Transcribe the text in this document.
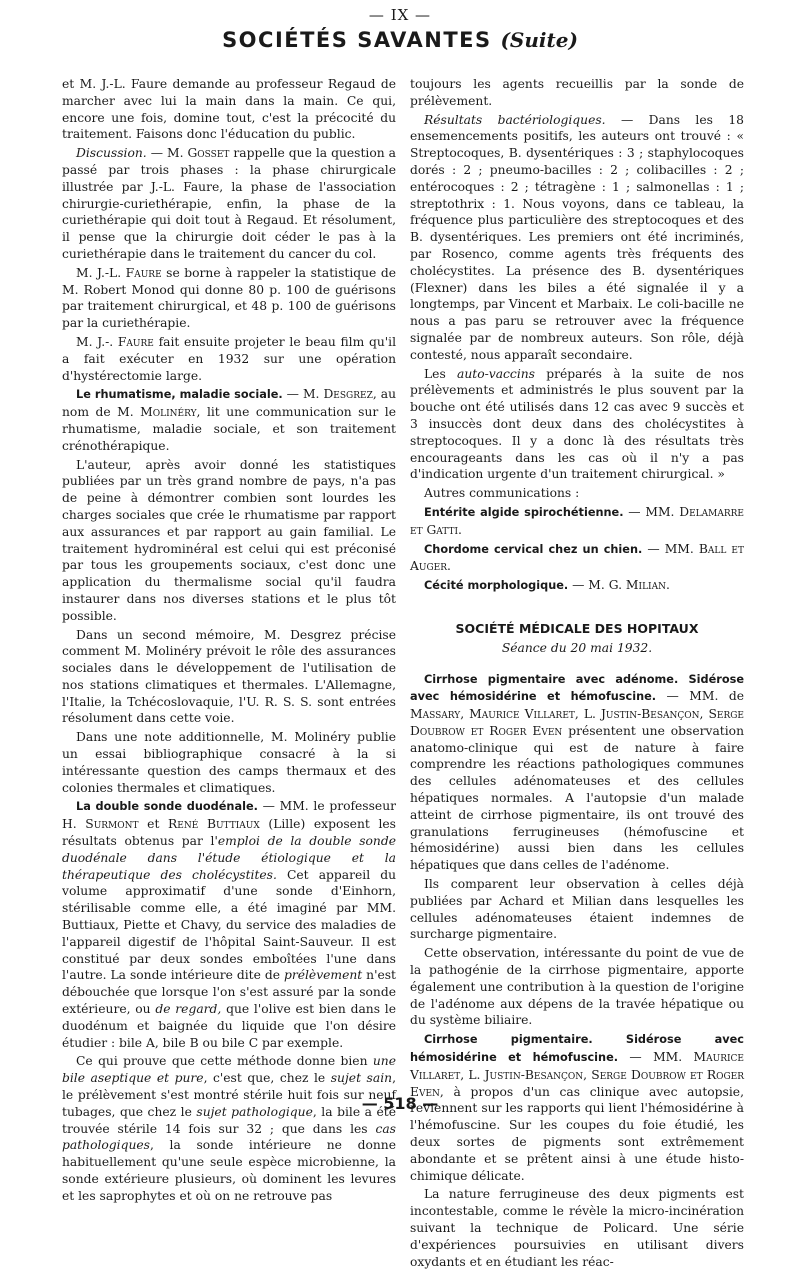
— IX —
SOCIÉTÉS SAVANTES (Suite)

et M. J.-L. Faure demande au professeur Regaud de marcher avec lui la main dans la main. Ce qui, encore une fois, domine tout, c'est la précocité du traitement. Faisons donc l'éducation du public.

Discussion. — M. Gosset rappelle que la question a passé par trois phases : la phase chirurgicale illustrée par J.-L. Faure, la phase de l'association chirurgie-curiethérapie, enfin, la phase de la curiethérapie qui doit tout à Regaud. Et résolument, il pense que la chirurgie doit céder le pas à la curiethérapie dans le traitement du cancer du col.

M. J.-L. Faure se borne à rappeler la statistique de M. Robert Monod qui donne 80 p. 100 de guérisons par traitement chirurgical, et 48 p. 100 de guérisons par la curiethérapie.

M. J.-. Faure fait ensuite projeter le beau film qu'il a fait exécuter en 1932 sur une opération d'hystérectomie large.

Le rhumatisme, maladie sociale. — M. Desgrez, au nom de M. Molinéry, lit une communication sur le rhumatisme, maladie sociale, et son traitement crénothérapique.

L'auteur, après avoir donné les statistiques publiées par un très grand nombre de pays, n'a pas de peine à démontrer combien sont lourdes les charges sociales que crée le rhumatisme par rapport aux assurances et par rapport au gain familial. Le traitement hydrominéral est celui qui est préconisé par tous les groupements sociaux, c'est donc une application du thermalisme social qu'il faudra instaurer dans nos diverses stations et le plus tôt possible.

Dans un second mémoire, M. Desgrez précise comment M. Molinéry prévoit le rôle des assurances sociales dans le développement de l'utilisation de nos stations climatiques et thermales. L'Allemagne, l'Italie, la Tchécoslovaquie, l'U. R. S. S. sont entrées résolument dans cette voie.

Dans une note additionnelle, M. Molinéry publie un essai bibliographique consacré à la si intéressante question des camps thermaux et des colonies thermales et climatiques.

La double sonde duodénale. — MM. le professeur H. Surmont et René Buttiaux (Lille) exposent les résultats obtenus par l'emploi de la double sonde duodénale dans l'étude étiologique et la thérapeutique des cholécystites. Cet appareil du volume approximatif d'une sonde d'Einhorn, stérilisable comme elle, a été imaginé par MM. Buttiaux, Piette et Chavy, du service des maladies de l'appareil digestif de l'hôpital Saint-Sauveur. Il est constitué par deux sondes emboîtées l'une dans l'autre. La sonde intérieure dite de prélèvement n'est débouchée que lorsque l'on s'est assuré par la sonde extérieure, ou de regard, que l'olive est bien dans le duodénum et baignée du liquide que l'on désire étudier : bile A, bile B ou bile C par exemple.

Ce qui prouve que cette méthode donne bien une bile aseptique et pure, c'est que, chez le sujet sain, le prélèvement s'est montré stérile huit fois sur neuf tubages, que chez le sujet pathologique, la bile a été trouvée stérile 14 fois sur 32 ; que dans les cas pathologiques, la sonde intérieure ne donne habituellement qu'une seule espèce microbienne, la sonde extérieure plusieurs, où dominent les levures et les saprophytes et où on ne retrouve pas

toujours les agents recueillis par la sonde de prélèvement.

Résultats bactériologiques. — Dans les 18 ensemencements positifs, les auteurs ont trouvé : « Streptocoques, B. dysentériques : 3 ; staphylocoques dorés : 2 ; pneumo-bacilles : 2 ; colibacilles : 2 ; entérocoques : 2 ; tétragène : 1 ; salmonellas : 1 ; streptothrix : 1. Nous voyons, dans ce tableau, la fréquence plus particulière des streptocoques et des B. dysentériques. Les premiers ont été incriminés, par Rosenco, comme agents très fréquents des cholécystites. La présence des B. dysentériques (Flexner) dans les biles a été signalée il y a longtemps, par Vincent et Marbaix. Le coli-bacille ne nous a pas paru se retrouver avec la fréquence signalée par de nombreux auteurs. Son rôle, déjà contesté, nous apparaît secondaire.

Les auto-vaccins préparés à la suite de nos prélèvements et administrés le plus souvent par la bouche ont été utilisés dans 12 cas avec 9 succès et 3 insuccès dont deux dans des cholécystites à streptocoques. Il y a donc là des résultats très encourageants dans les cas où il n'y a pas d'indication urgente d'un traitement chirurgical. »

Autres communications :

Entérite algide spirochétienne. — MM. Delamarre et Gatti.

Chordome cervical chez un chien. — MM. Ball et Auger.

Cécité morphologique. — M. G. Milian.

SOCIÉTÉ MÉDICALE DES HOPITAUX
Séance du 20 mai 1932.

Cirrhose pigmentaire avec adénome. Sidérose avec hémosidérine et hémofuscine. — MM. de Massary, Maurice Villaret, L. Justin-Besançon, Serge Doubrow et Roger Even présentent une observation anatomo-clinique qui est de nature à faire comprendre les réactions pathologiques communes des cellules adénomateuses et des cellules hépatiques normales. A l'autopsie d'un malade atteint de cirrhose pigmentaire, ils ont trouvé des granulations ferrugineuses (hémofuscine et hémosidérine) aussi bien dans les cellules hépatiques que dans celles de l'adénome.

Ils comparent leur observation à celles déjà publiées par Achard et Milian dans lesquelles les cellules adénomateuses étaient indemnes de surcharge pigmentaire.

Cette observation, intéressante du point de vue de la pathogénie de la cirrhose pigmentaire, apporte également une contribution à la question de l'origine de l'adénome aux dépens de la travée hépatique ou du système biliaire.

Cirrhose pigmentaire. Sidérose avec hémosidérine et hémofuscine. — MM. Maurice Villaret, L. Justin-Besançon, Serge Doubrow et Roger Even, à propos d'un cas clinique avec autopsie, reviennent sur les rapports qui lient l'hémosidérine à l'hémofuscine. Sur les coupes du foie étudié, les deux sortes de pigments sont extrêmement abondante et se prêtent ainsi à une étude histo-chimique délicate.

La nature ferrugineuse des deux pigments est incontestable, comme le révèle la micro-incinération suivant la technique de Policard. Une série d'expériences poursuivies en utilisant divers oxydants et en étudiant les réac-

— 518 —
